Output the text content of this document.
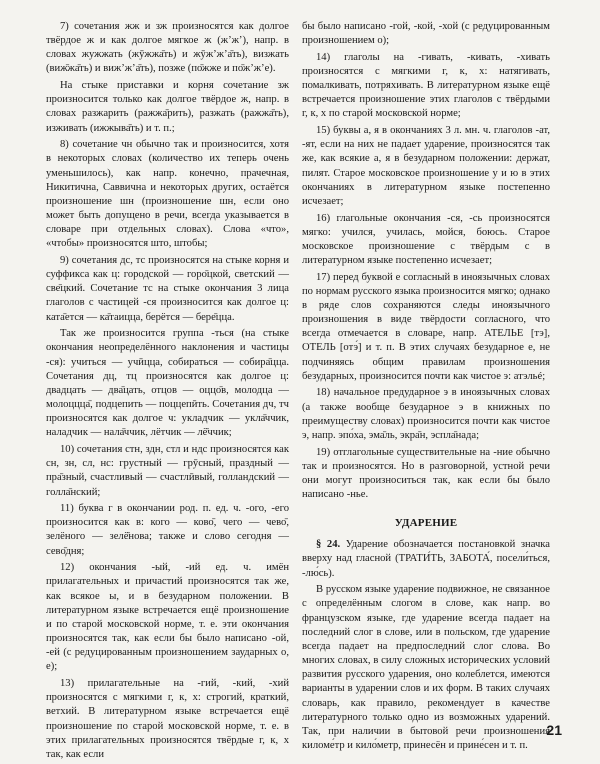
7) сочетания жж и зж произносятся как долгое твёрдое ж и как долгое мягкое ж (ж’ж’), напр. в словах жужжать (жӯжжа̄ть) и жӯж’ж’а̄ть), визжать (виж̄жа̄ть) и виж’ж’а̄ть), позже (по̄жже и по̄ж’ж’е).

На стыке приставки и корня сочетание зж произносится только как долгое твёрдое ж, напр. в словах разжарить (ражжа̄рить), разжать (ражжа̄ть), изживать (ижжыва̄ть) и т. п.;

8) сочетание чн обычно так и произносится, хотя в некоторых словах (количество их теперь очень уменьшилось), как напр. конечно, прачечная, Никитична, Саввична и некоторых других, остаётся произношение шн (произношение шн, если оно может быть допущено в речи, всегда указывается в словаре при отдельных словах). Слова «что», «чтобы» произносятся што, штобы;

9) сочетания дс, тс произносятся на стыке корня и суффикса как ц: городской — горо̄цкой, светский — све̄цкий. Сочетание тс на стыке окончания 3 лица глаголов с частицей -ся произносится как долгое ц: ката̄ется — ка̄таицца, берётся — бере̄цца.

Так же произносится группа -ться (на стыке окончания неопределённого наклонения и частицы -ся): учиться — учӣцца, собираться — собира̄цца. Сочетания дц, тц произносятся как долгое ц: двадцать — два̄цать, отцов — оццо̄в, молодца — молоццца̄, подцепить — поццепӣть. Сочетания дч, тч произносятся как долгое ч: укладчик — укла̄ччик, наладчик — нала̄ччик, лётчик — лё̄ччик;

10) сочетания стн, здн, стл и ндс произносятся как сн, зн, сл, нс: грустный — грӯсный, праздный — пра̄зный, счастливый — счастлӣвый, голландский — голла̄нский;

11) буква г в окончании род. п. ед. ч. -ого, -его произносится как в: кого — ково̄, чего — чево̄, зелёного — зелё̄нова; также и слово сегодня — сево̄дня;

12) окончания -ый, -ий ед. ч. имён прилагательных и причастий произносятся так же, как всякое ы, и в безударном положении. В литературном языке встречается ещё произношение и по старой московской норме, т. е. эти окончания произносятся так, как если бы было написано -ой, -ей (с редуцированным произношением заударных о, е);

13) прилагательные на -гий, -кий, -хий произносятся с мягкими г, к, х: строгий, краткий, ветхий. В литературном языке встречается ещё произношение по старой московской норме, т. е. в этих прилагательных произносятся твёрдые г, к, х так, как если

бы было написано -гой, -кой, -хой (с редуцированным произношением о);

14) глаголы на -гивать, -кивать, -хивать произносятся с мягкими г, к, х: натягивать, помалкивать, потряхивать. В литературном языке ещё встречается произношение этих глаголов с твёрдыми г, к, х по старой московской норме;

15) буквы а, я в окончаниях 3 л. мн. ч. глаголов -ат, -ят, если на них не падает ударение, произносятся так же, как всякие а, я в безударном положении: держат, пилят. Старое московское произношение у и ю в этих окончаниях в литературном языке постепенно исчезает;

16) глагольные окончания -ся, -сь произносятся мягко: учился, училась, мойся, боюсь. Старое московское произношение с твёрдым с в литературном языке постепенно исчезает;

17) перед буквой е согласный в иноязычных словах по нормам русского языка произносится мягко; однако в ряде слов сохраняются следы иноязычного произношения в виде твёрдости согласного, что всегда отмечается в словаре, напр. АТЕЛЬЕ [тэ], ОТЕЛЬ [отэ́] и т. п. В этих случаях безударное е, не подчиняясь общим правилам произношения безударных, произносится почти как чистое э: атэльé;

18) начальное предударное э в иноязычных словах (а также вообще безударное э в книжных по преимуществу словах) произносится почти как чистое э, напр. эпо́ха, эма̄ль, экра̄н, эспла̄нада;

19) отглагольные существительные на -ние обычно так и произносятся. Но в разговорной, устной речи они могут произноситься так, как если бы было написано -нье.

УДАРЕНИЕ

§ 24. Ударение обозначается постановкой значка вверху над гласной (ТРАТИ́ТЬ, ЗАБОТА́, посели́ться, -лю́сь).

В русском языке ударение подвижное, не связанное с определённым слогом в слове, как напр. во французском языке, где ударение всегда падает на последний слог в слове, или в польском, где ударение всегда падает на предпоследний слог слова. Во многих словах, в силу сложных исторических условий развития русского ударения, оно колеблется, имеются варианты в ударении слов и их форм. В таких случаях словарь, как правило, рекомендует в качестве литературного только одно из возможных ударений. Так, при наличии в бытовой речи произношения киломе́тр и кило́метр, принесён и прине́сен и т. п.

21
